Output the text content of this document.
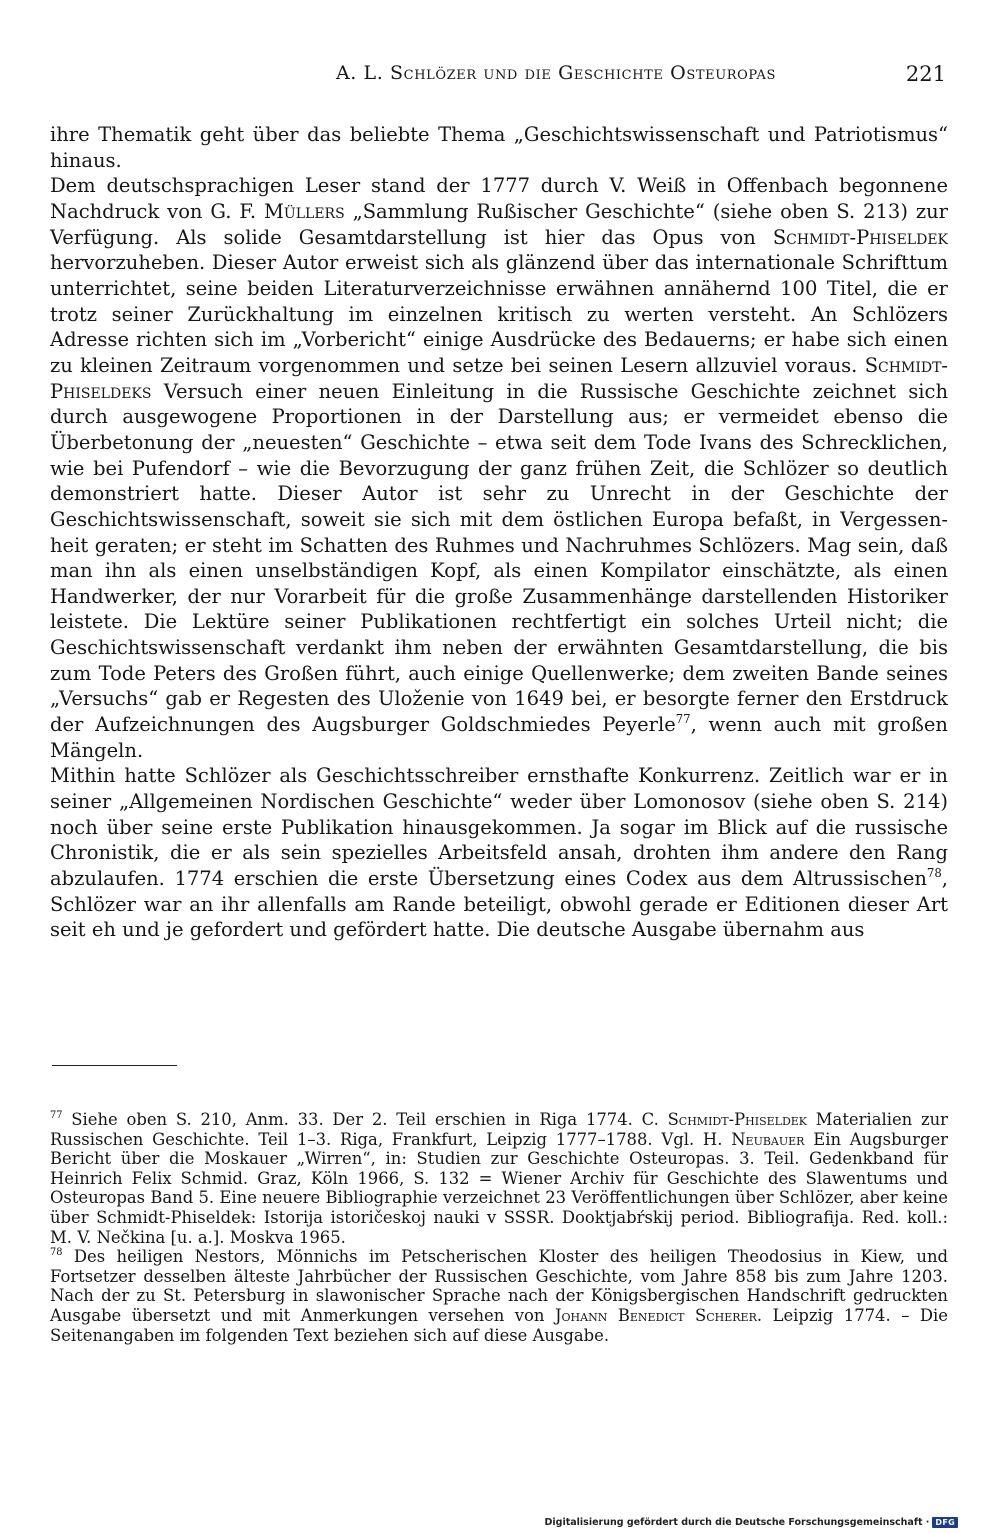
A. L. Schlözer und die Geschichte Osteuropas	221

ihre Thematik geht über das beliebte Thema „Geschichtswissenschaft und Patriotismus“ hinaus.

Dem deutschsprachigen Leser stand der 1777 durch V. Weiß in Offenbach begonnene Nachdruck von G. F. Müllers „Sammlung Rußischer Geschichte“ (siehe oben S. 213) zur Verfügung. Als solide Gesamtdarstellung ist hier das Opus von Schmidt-Phiseldek hervorzuheben. Dieser Autor erweist sich als glänzend über das internationale Schrifttum unterrichtet, seine beiden Literaturverzeichnisse erwähnen annähernd 100 Titel, die er trotz seiner Zurückhaltung im einzelnen kritisch zu werten versteht. An Schlözers Adresse richten sich im „Vorbericht“ einige Ausdrücke des Bedauerns; er habe sich einen zu kleinen Zeitraum vorgenommen und setze bei seinen Lesern allzuviel voraus. Schmidt-Phiseldeks Versuch einer neuen Einleitung in die Russische Geschichte zeichnet sich durch ausgewogene Proportionen in der Darstellung aus; er vermeidet ebenso die Überbetonung der „neuesten“ Geschichte – etwa seit dem Tode Ivans des Schrecklichen, wie bei Pufendorf – wie die Bevorzugung der ganz frühen Zeit, die Schlözer so deutlich demonstriert hatte. Dieser Autor ist sehr zu Unrecht in der Geschichte der Geschichtswissenschaft, soweit sie sich mit dem östlichen Europa befaßt, in Vergessenheit geraten; er steht im Schatten des Ruhmes und Nachruhmes Schlözers. Mag sein, daß man ihn als einen unselbständigen Kopf, als einen Kompilator einschätzte, als einen Handwerker, der nur Vorarbeit für die große Zusammenhänge darstellenden Historiker leistete. Die Lektüre seiner Publikationen rechtfertigt ein solches Urteil nicht; die Geschichtswissenschaft verdankt ihm neben der erwähnten Gesamtdarstellung, die bis zum Tode Peters des Großen führt, auch einige Quellenwerke; dem zweiten Bande seines „Versuchs“ gab er Regesten des Uloženie von 1649 bei, er besorgte ferner den Erstdruck der Aufzeichnungen des Augsburger Goldschmiedes Peyerle$^{77}$, wenn auch mit großen Mängeln.

Mithin hatte Schlözer als Geschichtsschreiber ernsthafte Konkurrenz. Zeitlich war er in seiner „Allgemeinen Nordischen Geschichte“ weder über Lomonosov (siehe oben S. 214) noch über seine erste Publikation hinausgekommen. Ja sogar im Blick auf die russische Chronistik, die er als sein spezielles Arbeitsfeld ansah, drohten ihm andere den Rang abzulaufen. 1774 erschien die erste Übersetzung eines Codex aus dem Altrussischen$^{78}$, Schlözer war an ihr allenfalls am Rande beteiligt, obwohl gerade er Editionen dieser Art seit eh und je gefordert und gefördert hatte. Die deutsche Ausgabe übernahm aus

$^{77}$ Siehe oben S. 210, Anm. 33. Der 2. Teil erschien in Riga 1774. C. Schmidt-Phiseldek Materialien zur Russischen Geschichte. Teil 1–3. Riga, Frankfurt, Leipzig 1777–1788. Vgl. H. Neubauer Ein Augsburger Bericht über die Moskauer „Wirren“, in: Studien zur Geschichte Osteuropas. 3. Teil. Gedenkband für Heinrich Felix Schmid. Graz, Köln 1966, S. 132 = Wiener Archiv für Geschichte des Slawentums und Osteuropas Band 5. Eine neuere Bibliographie verzeichnet 23 Veröffentlichungen über Schlözer, aber keine über Schmidt-Phiseldek: Istorija istoričeskoj nauki v SSSR. Dooktjabŕskij period. Bibliografija. Red. koll.: M. V. Nečkina [u. a.]. Moskva 1965.

$^{78}$ Des heiligen Nestors, Mönnichs im Petscherischen Kloster des heiligen Theodosius in Kiew, und Fortsetzer desselben älteste Jahrbücher der Russischen Geschichte, vom Jahre 858 bis zum Jahre 1203. Nach der zu St. Petersburg in slawonischer Sprache nach der Königsbergischen Handschrift gedruckten Ausgabe übersetzt und mit Anmerkungen versehen von Johann Benedict Scherer. Leipzig 1774. – Die Seitenangaben im folgenden Text beziehen sich auf diese Ausgabe.

Digitalisierung gefördert durch die Deutsche Forschungsgemeinschaft · DFG
